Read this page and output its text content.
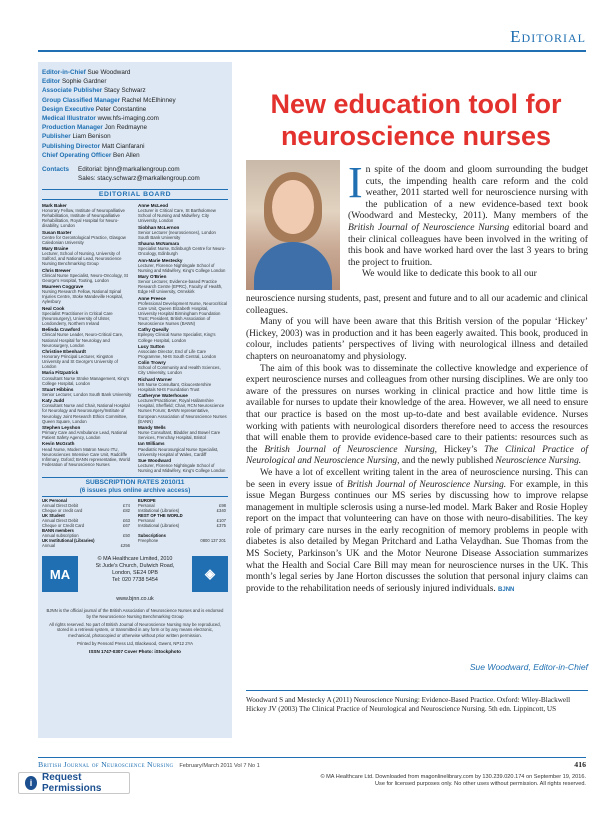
Editorial
Editor-in-Chief Sue Woodward
Editor Sophie Gardner
Associate Publisher Stacy Schwarz
Group Classified Manager Rachel McElhinney
Design Executive Peter Constantine
Medical Illustrator www.hfs-imaging.com
Production Manager Jon Redmayne
Publisher Liam Benison
Publishing Director Matt Cianfarani
Chief Operating Officer Ben Allen
Contacts	Editorial: bjnn@markallengroup.com
Sales: stacy.schwarz@markallengroup.com
EDITORIAL BOARD
Mark Baker
Honorary Fellow, Institute of Neuropalliative Rehabilitation, Institute of Neuropalliative Rehabilitation, Royal Hospital for Neuro-disability, London
Susan Baxter
Centre for Gerontological Practice, Glasgow Caledonian University
Mary Braine
Lecturer, School of Nursing, University of Salford, and National Lead, Neuroscience Nursing Benchmarking Group
Chris Brewer
Clinical Nurse Specialist, Neuro-Oncology, St George's Hospital, Tooting, London
Maureen Coggrave
Nursing Research Fellow, National Spinal Injuries Centre, Stoke Mandeville Hospital, Aylesbury
Neal Cook
Specialist Practitioner in Critical Care (Neurosurgery), University of Ulster, Londonderry, Northern Ireland
Belinda Crawford
Clinical Nurse Leader, Neuro-Critical Care, National Hospital for Neurology and Neurosurgery, London
Christine Ebenhardt
Honorary Principal Lecturer, Kingston University and St George's University of London
Maria Fitzpatrick
Consultant Nurse Stroke Management, King's College Hospital, London
Stuart Hibbins
Senior Lecturer, London South Bank University
Katy Judd
Consultant Nurse and Chair, National Hospital for Neurology and Neurosurgery/Institute of Neurology Joint Research Ethics Committee, Queen Square, London
Stephen Leyshon
Primary Care and Ambulance Lead, National Patient Safety Agency, London
Kevin McGrath
Head Nurse, Modern Matron Neuro ITU, Neurosciences Intensive Care Unit, Radcliffe Infirmary, Oxford; BANN representative, World Federation of Neuroscience Nurses
Anne McLeod
Lecturer in Critical Care, St Bartholomew School of Nursing and Midwifery, City University, London
Siobhan McLernon
Senior Lecturer (neurosciences), London South Bank University
Shauna McNamara
Specialist Nurse, Edinburgh Centre for Neuro-Oncology, Edinburgh
Ann-Marie Mestecky
Lecturer, Florence Nightingale School of Nursing and Midwifery, King's College London
Mary O'Brien
Senior Lecturer, Evidence-based Practice Research Centre (EPRC), Faculty of Health, Edge Hill University, Ormskirk
Anne Preece
Professional Development Nurse, Neurocritical Care Unit, Queen Elizabeth Hospital, University Hospital Birmingham Foundation Trust; President, British Association of Neuroscience Nurses (BANN)
Cathy Queally
Epilepsy Clinical Nurse Specialist, King's College Hospital, London
Lucy Sutton
Associate Director, End of Life Care Programme, NHS South Central, London
Colin Trowry
School of Community and Health Sciences, City University, London
Richard Warner
MS Nurse Consultant, Gloucestershire Hospitals NHS Foundation Trust
Catheryne Waterhouse
Lecturer/Practitioner, Royal Hallamshire Hospital, Sheffield; Chair, RCN Neuroscience Nurses Forum; BANN representative, European Association of Neuroscience Nurses (EANN)
Mandy Wells
Nurse Consultant, Bladder and Bowel Care Services, Frenchay Hospital, Bristol
Ian Williams
Paediatric Neurosurgical Nurse Specialist, University Hospital of Wales, Cardiff
Sue Woodward
Lecturer, Florence Nightingale School of Nursing and Midwifery, King's College London
SUBSCRIPTION RATES 2010/11
(6 issues plus online archive access)
UK Personal
Annual Direct Debit	£74
Cheque or credit card	£82
UK Student
Annual Direct Debit	£63
Cheque or Credit Card	£67
BANN members
Annual subscription	£50
UK Institutional (Libraries)
Annual	£256
EUROPE
Personal	£98
Institutional (Libraries)	£340
REST OF THE WORLD
Personal	£107
Institutional (Libraries)	£375

Subscriptions
Freephone	0800 137 201
MA
© MA Healthcare Limited, 2010
St Jude's Church, Dulwich Road,
London, SE24 0PB
Tel: 020 7738 5454	◈
www.bjnn.co.uk
BJNN is the official journal of the British Association of Neuroscience Nurses and is endorsed by the Neuroscience Nursing Benchmarking Group
All rights reserved. No part of British Journal of Neuroscience Nursing may be reproduced, stored in a retrieval system, or transmitted in any form or by any means electronic, mechanical, photocopied or otherwise without prior written permission.
Printed by Pensord Press Ltd, Blackwood, Gwent, NP12 2YA
ISSN 1747-0307 Cover Photo: iStockphoto
New education tool for neuroscience nurses

In spite of the doom and gloom surrounding the budget cuts, the impending health care reform and the cold weather, 2011 started well for neuroscience nursing with the publication of a new evidence-based text book (Woodward and Mestecky, 2011). Many members of the British Journal of Neuroscience Nursing editorial board and their clinical colleagues have been involved in the writing of this book and have worked hard over the last 3 years to bring the project to fruition.

We would like to dedicate this book to all our

neuroscience nursing students, past, present and future and to all our academic and clinical colleagues.

Many of you will have been aware that this British version of the popular ‘Hickey’ (Hickey, 2003) was in production and it has been eagerly awaited. This book, produced in colour, includes patients’ perspectives of living with neurological illness and detailed chapters on neuroanatomy and physiology.

The aim of this book was to disseminate the collective knowledge and experience of expert neuroscience nurses and colleagues from other nursing disciplines. We are only too aware of the pressures on nurses working in clinical practice and how little time is available for nurses to update their knowledge of the area. However, we all need to ensure that our practice is based on the most up-to-date and best available evidence. Nurses working with patients with neurological disorders therefore need to access the resources that will enable them to provide evidence-based care to their patients: resources such as the British Journal of Neuroscience Nursing, Hickey’s The Clinical Practice of Neurological and Neuroscience Nursing, and the newly published Neuroscience Nursing.

We have a lot of excellent writing talent in the area of neuroscience nursing. This can be seen in every issue of British Journal of Neuroscience Nursing. For example, in this issue Megan Burgess continues our MS series by discussing how to improve relapse management in multiple sclerosis using a nurse-led model. Mark Baker and Rosie Hopley report on the impact that volunteering can have on those with neuro-disabilities. The key role of primary care nurses in the early recognition of memory problems in people with diabetes is also detailed by Megan Pritchard and Latha Velaydhan. Sue Thomas from the MS Society, Parkinson’s UK and the Motor Neurone Disease Association summarizes what the Health and Social Care Bill may mean for neuroscience nurses in the UK. This month’s legal series by Jane Horton discusses the solution that personal injury claims can provide to the rehabilitation needs of seriously injured individuals. BJNN

Sue Woodward, Editor-in-Chief

Woodward S and Mestecky A (2011) Neuroscience Nursing: Evidence-Based Practice. Oxford: Wiley-Blackwell

Hickey JV (2003) The Clinical Practice of Neurological and Neuroscience Nursing. 5th edn. Lippincott, US

British Journal of Neuroscience Nursing February/March 2011 Vol 7 No 1	416
i Request Permissions
© MA Healthcare Ltd. Downloaded from magonlinelibrary.com by 130.239.020.174 on September 19, 2016.
Use for licensed purposes only. No other uses without permission. All rights reserved.
